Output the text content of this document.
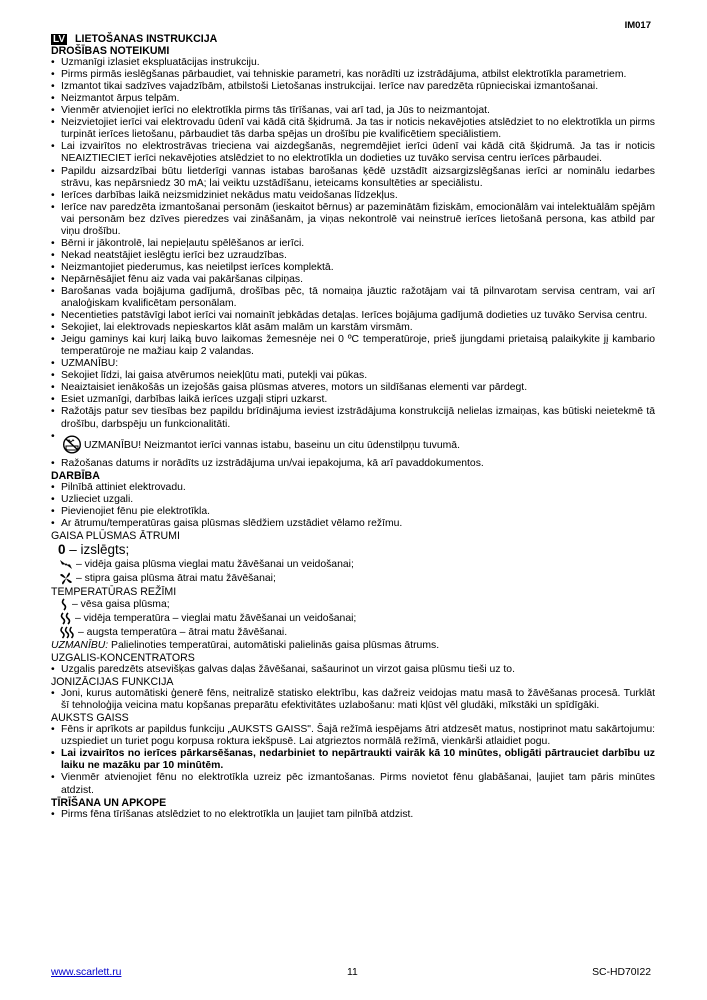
IM017
LV LIETOŠANAS INSTRUKCIJA
DROŠĪBAS NOTEIKUMI
• Uzmanīgi izlasiet ekspluatācijas instrukciju.
• Pirms pirmās ieslēgšanas pārbaudiet, vai tehniskie parametri, kas norādīti uz izstrādājuma, atbilst elektrotīkla parametriem.
• Izmantot tikai sadzīves vajadzībām, atbilstoši Lietošanas instrukcijai. Ierīce nav paredzēta rūpnieciskai izmantošanai.
• Neizmantot ārpus telpām.
• Vienmēr atvienojiet ierīci no elektrotīkla pirms tās tīrīšanas, vai arī tad, ja Jūs to neizmantojat.
• Neizvietojiet ierīci vai elektrovadu ūdenī vai kādā citā šķidrumā. Ja tas ir noticis nekavējoties atslēdziet to no elektrotīkla un pirms turpināt ierīces lietošanu, pārbaudiet tās darba spējas un drošību pie kvalificētiem speciālistiem.
• Lai izvairītos no elektrostrāvas trieciena vai aizdegšanās, negremdējiet ierīci ūdenī vai kādā citā šķidrumā. Ja tas ir noticis NEAIZTIECIET ierīci nekavējoties atslēdziet to no elektrotīkla un dodieties uz tuvāko servisa centru ierīces pārbaudei.
• Papildu aizsardzībai būtu lietderīgi vannas istabas barošanas ķēdē uzstādīt aizsargizslēgšanas ierīci ar nominālu iedarbes strāvu, kas nepārsniedz 30 mA; lai veiktu uzstādīšanu, ieteicams konsultēties ar speciālistu.
• Ierīces darbības laikā neizsmidziniet nekādus matu veidošanas līdzekļus.
• Ierīce nav paredzēta izmantošanai personām (ieskaitot bērnus) ar pazeminātām fiziskām, emocionālām vai intelektuālām spējām vai personām bez dzīves pieredzes vai zināšanām, ja viņas nekontrolē vai neinstruē ierīces lietošanā persona, kas atbild par viņu drošību.
• Bērni ir jākontrolē, lai nepieļautu spēlēšanos ar ierīci.
• Nekad neatstājiet ieslēgtu ierīci bez uzraudzības.
• Neizmantojiet piederumus, kas neietilpst ierīces komplektā.
• Nepārnēsājiet fēnu aiz vada vai pakāršanas cilpiņas.
• Barošanas vada bojājuma gadījumā, drošības pēc, tā nomaiņa jāuztic ražotājam vai tā pilnvarotam servisa centram, vai arī analoģiskam kvalificētam personālam.
• Necentieties patstāvīgi labot ierīci vai nomainīt jebkādas detaļas. Ierīces bojājuma gadījumā dodieties uz tuvāko Servisa centru.
• Sekojiet, lai elektrovads nepieskartos klāt asām malām un karstām virsmām.
• Jeigu gaminys kai kurį laiką buvo laikomas žemesnėje nei 0 ºC temperatūroje, prieš įjungdami prietaisą palaikykite jį kambario temperatūroje ne mažiau kaip 2 valandas.
• UZMANĪBU:
• Sekojiet līdzi, lai gaisa atvērumos neiekļūtu mati, putekļi vai pūkas.
• Neaiztaisiet ienākošās un izejošās gaisa plūsmas atveres, motors un sildīšanas elementi var pārdegt.
• Esiet uzmanīgi, darbības laikā ierīces uzgaļi stipri uzkarst.
• Ražotājs patur sev tiesības bez papildu brīdinājuma ieviest izstrādājuma konstrukcijā nelielas izmaiņas, kas būtiski neietekmē tā drošību, darbspēju un funkcionalitāti.
• UZMANĪBU! Neizmantot ierīci vannas istabu, baseinu un citu ūdenstilpņu tuvumā.
• Ražošanas datums ir norādīts uz izstrādājuma un/vai iepakojuma, kā arī pavaddokumentos.
DARBĪBA
• Pilnībā attiniet elektrovadu.
• Uzlieciet uzgali.
• Pievienojiet fēnu pie elektrotīkla.
• Ar ātrumu/temperatūras gaisa plūsmas slēdžiem uzstādiet vēlamo režīmu.
GAISA PLŪSMAS ĀTRUMI
0 – izslēgts;
– vidēja gaisa plūsma vieglai matu žāvēšanai un veidošanai;
– stipra gaisa plūsma ātrai matu žāvēšanai;
TEMPERATŪRAS REŽĪMI
– vēsa gaisa plūsma;
– vidēja temperatūra – vieglai matu žāvēšanai un veidošanai;
– augsta temperatūra – ātrai matu žāvēšanai.
UZMANĪBU: Palielinoties temperatūrai, automātiski palielinās gaisa plūsmas ātrums.
UZGALIS-KONCENTRATORS
• Uzgalis paredzēts atsevišķas galvas daļas žāvēšanai, sašaurinot un virzot gaisa plūsmu tieši uz to.
JONIZĀCIJAS FUNKCIJA
• Joni, kurus automātiski ģenerē fēns, neitralizē statisko elektrību, kas dažreiz veidojas matu masā to žāvēšanas procesā. Turklāt šī tehnoloģija veicina matu kopšanas preparātu efektivitātes uzlabošanu: mati kļūst vēl gludāki, mīkstāki un spīdīgāki.
AUKSTS GAISS
• Fēns ir aprīkots ar papildus funkciju „AUKSTS GAISS". Šajā režīmā iespējams ātri atdzesēt matus, nostiprinot matu sakārtojumu: uzspiediet un turiet pogu korpusa roktura iekšpusē. Lai atgrieztos normālā režīmā, vienkārši atlaidiet pogu.
• Lai izvairītos no ierīces pārkarsēšanas, nedarbiniet to nepārtraukti vairāk kā 10 minūtes, obligāti pārtrauciet darbību uz laiku ne mazāku par 10 minūtēm.
• Vienmēr atvienojiet fēnu no elektrotīkla uzreiz pēc izmantošanas. Pirms novietot fēnu glabāšanai, ļaujiet tam pāris minūtes atdzist.
TĪRĪŠANA UN APKOPE
• Pirms fēna tīrīšanas atslēdziet to no elektrotīkla un ļaujiet tam pilnībā atdzist.
www.scarlett.ru	11	SC-HD70I22
